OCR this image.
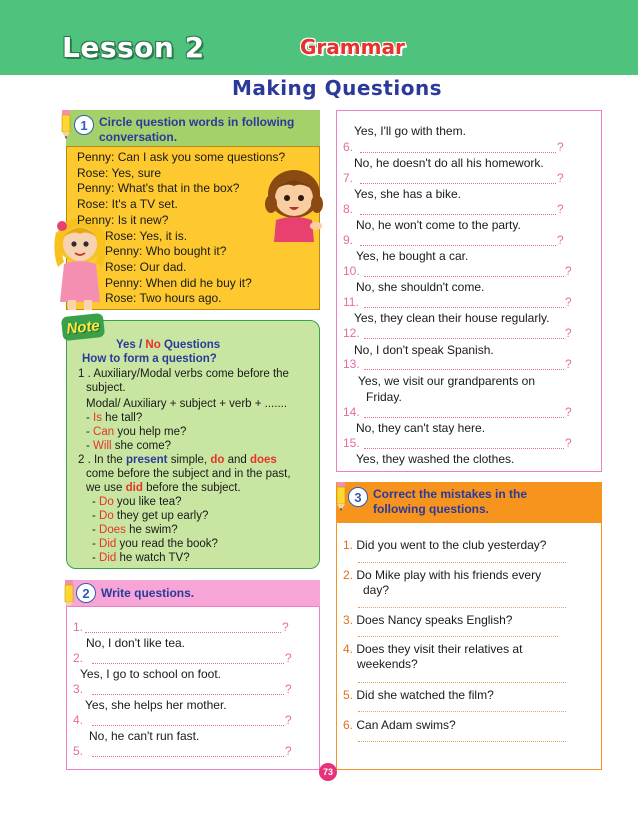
Lesson 2	Grammar
Making Questions
1 Circle question words in following conversation.
Penny: Can I ask you some questions?
Rose: Yes, sure
Penny: What's that in the box?
Rose: It's a TV set.
Penny: Is it new?
Rose: Yes, it is.
Penny: Who bought it?
Rose: Our dad.
Penny: When did he buy it?
Rose: Two hours ago.
Note
Yes / No Questions
How to form a question?
1 . Auxiliary/Modal verbs come before the
subject.
Modal/ Auxiliary + subject + verb + .......
- Is he tall?
- Can you help me?
- Will she come?
2 . In the present simple, do and does
come before the subject and in the past,
we use did before the subject.
- Do you like tea?
- Do they get up early?
- Does he swim?
- Did you read the book?
- Did he watch TV?
2 Write questions.
1.	?
No, I don't like tea.
2.	?
Yes, I go to school on foot.
3.	?
Yes, she helps her mother.
4.	?
No, he can't run fast.
5.	?
Yes, I'll go with them.
6.	?
No, he doesn't do all his homework.
7.	?
Yes, she has a bike.
8.	?
No, he won't come to the party.
9.	?
Yes, he bought a car.
10.	?
No, she shouldn't come.
11.	?
Yes, they clean their house regularly.
12.	?
No, I don't speak Spanish.
13.	?
Yes, we visit our grandparents on
Friday.
14.	?
No, they can't stay here.
15.	?
Yes, they washed the clothes.
3 Correct the mistakes in the following questions.
1. Did you went to the club yesterday?
2. Do Mike play with his friends every
day?
3. Does Nancy speaks English?
4. Does they visit their relatives at
weekends?
5. Did she watched the film?
6. Can Adam swims?
73
